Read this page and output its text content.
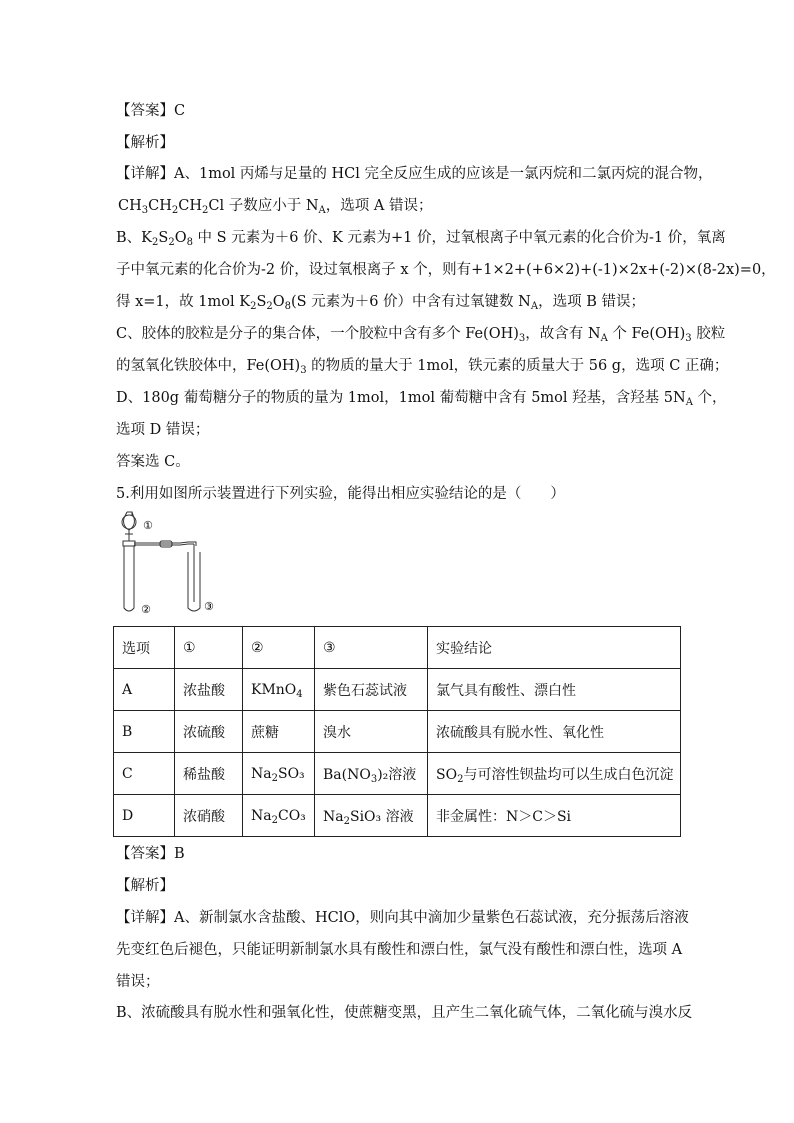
【答案】C
【解析】
【详解】A、1mol 丙烯与足量的 HCl 完全反应生成的应该是一氯丙烷和二氯丙烷的混合物，
$CH_3CH_2CH_2Cl$ 子数应小于 $N_A$，选项 A 错误；
B、$K_2S_2O_8$ 中 S 元素为＋6 价、K 元素为+1 价，过氧根离子中氧元素的化合价为-1 价，氧离
子中氧元素的化合价为-2 价，设过氧根离子 x 个，则有+1×2+(+6×2)+(-1)×2x+(-2)×(8-2x)=0，
得 x=1，故 1mol $K_2S_2O_8(S$ 元素为＋6 价）中含有过氧键数 $N_A$，选项 B 错误；
C、胶体的胶粒是分子的集合体，一个胶粒中含有多个 $Fe(OH)_3$，故含有 $N_A$ 个 $Fe(OH)_3$ 胶粒
的氢氧化铁胶体中，$Fe(OH)_3$ 的物质的量大于 1mol，铁元素的质量大于 56 g，选项 C 正确；
D、180g 葡萄糖分子的物质的量为 1mol，1mol 葡萄糖中含有 5mol 羟基，含羟基 $5N_A$ 个，
选项 D 错误；
答案选 C。
5.利用如图所示装置进行下列实验，能得出相应实验结论的是（　　）
①
②	③
选项	①	②	③	实验结论
A	浓盐酸	KMnO$_4$	紫色石蕊试液	氯气具有酸性、漂白性
B	浓硫酸	蔗糖	溴水	浓硫酸具有脱水性、氧化性
C	稀盐酸	$Na_2SO_3$	$Ba(NO_3)_2$溶液	$SO_2$与可溶性钡盐均可以生成白色沉淀
D	浓硝酸	$Na_2CO_3$	$Na_2SiO_3$ 溶液	非金属性：N＞C＞Si
【答案】B
【解析】
【详解】A、新制氯水含盐酸、HClO，则向其中滴加少量紫色石蕊试液，充分振荡后溶液
先变红色后褪色，只能证明新制氯水具有酸性和漂白性，氯气没有酸性和漂白性，选项 A
错误；
B、浓硫酸具有脱水性和强氧化性，使蔗糖变黑，且产生二氧化硫气体，二氧化硫与溴水反
